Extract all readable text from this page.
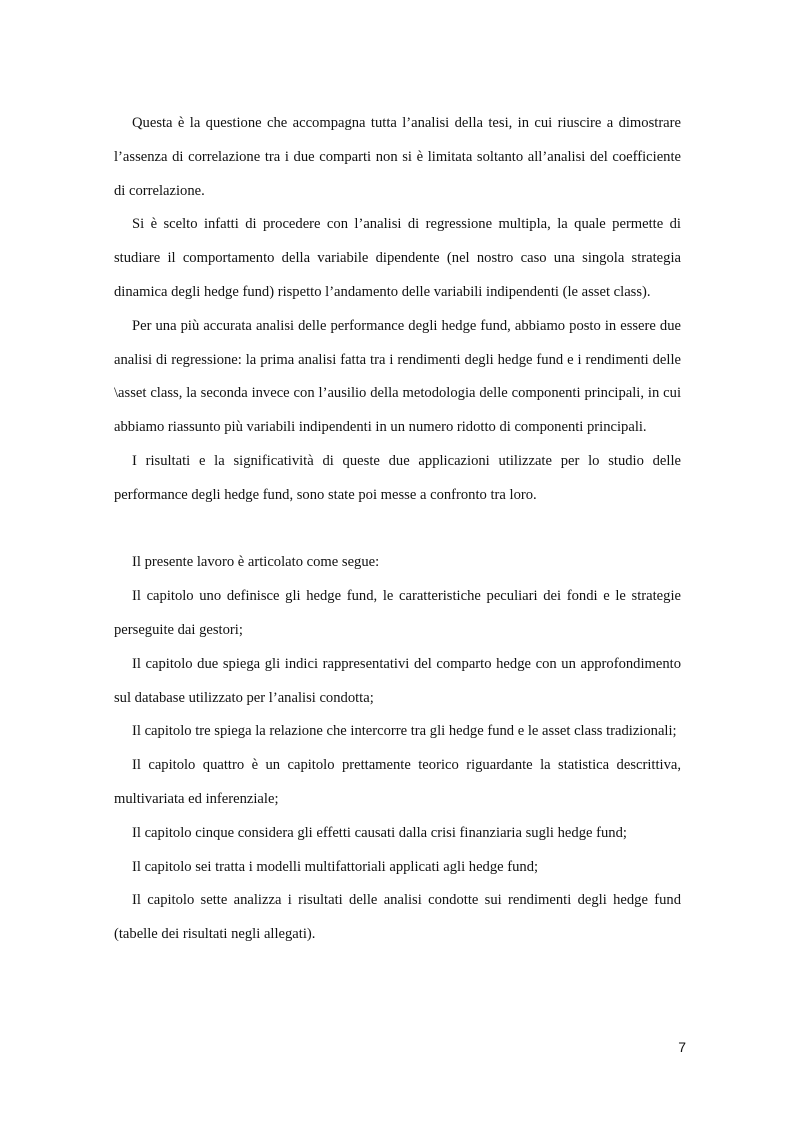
Questa è la questione che accompagna tutta l’analisi della tesi, in cui riuscire a dimostrare l’assenza di correlazione tra i due comparti non si è limitata soltanto all’analisi del coefficiente di correlazione.

Si è scelto infatti di procedere con l’analisi di regressione multipla, la quale permette di studiare il comportamento della variabile dipendente (nel nostro caso una singola strategia dinamica degli hedge fund) rispetto l’andamento delle variabili indipendenti (le asset class).

Per una più accurata analisi delle performance degli hedge fund, abbiamo posto in essere due analisi di regressione: la prima analisi fatta tra i rendimenti degli hedge fund e i rendimenti delle \asset class, la seconda invece con l’ausilio della metodologia delle componenti principali, in cui abbiamo riassunto più variabili indipendenti in un numero ridotto di componenti principali.

I risultati e la significatività di queste due applicazioni utilizzate per lo studio delle performance degli hedge fund, sono state poi messe a confronto tra loro.

Il presente lavoro è articolato come segue:

Il capitolo uno definisce gli hedge fund, le caratteristiche peculiari dei fondi e le strategie perseguite dai gestori;

Il capitolo due spiega gli indici rappresentativi del comparto hedge con un approfondimento sul database utilizzato per l’analisi condotta;

Il capitolo tre spiega la relazione che intercorre tra gli hedge fund e le asset class tradizionali;

Il capitolo quattro è un capitolo prettamente teorico riguardante la statistica descrittiva, multivariata ed inferenziale;

Il capitolo cinque considera gli effetti causati dalla crisi finanziaria sugli hedge fund;

Il capitolo sei tratta i modelli multifattoriali applicati agli hedge fund;

Il capitolo sette analizza i risultati delle analisi condotte sui rendimenti degli hedge fund (tabelle dei risultati negli allegati).

7
